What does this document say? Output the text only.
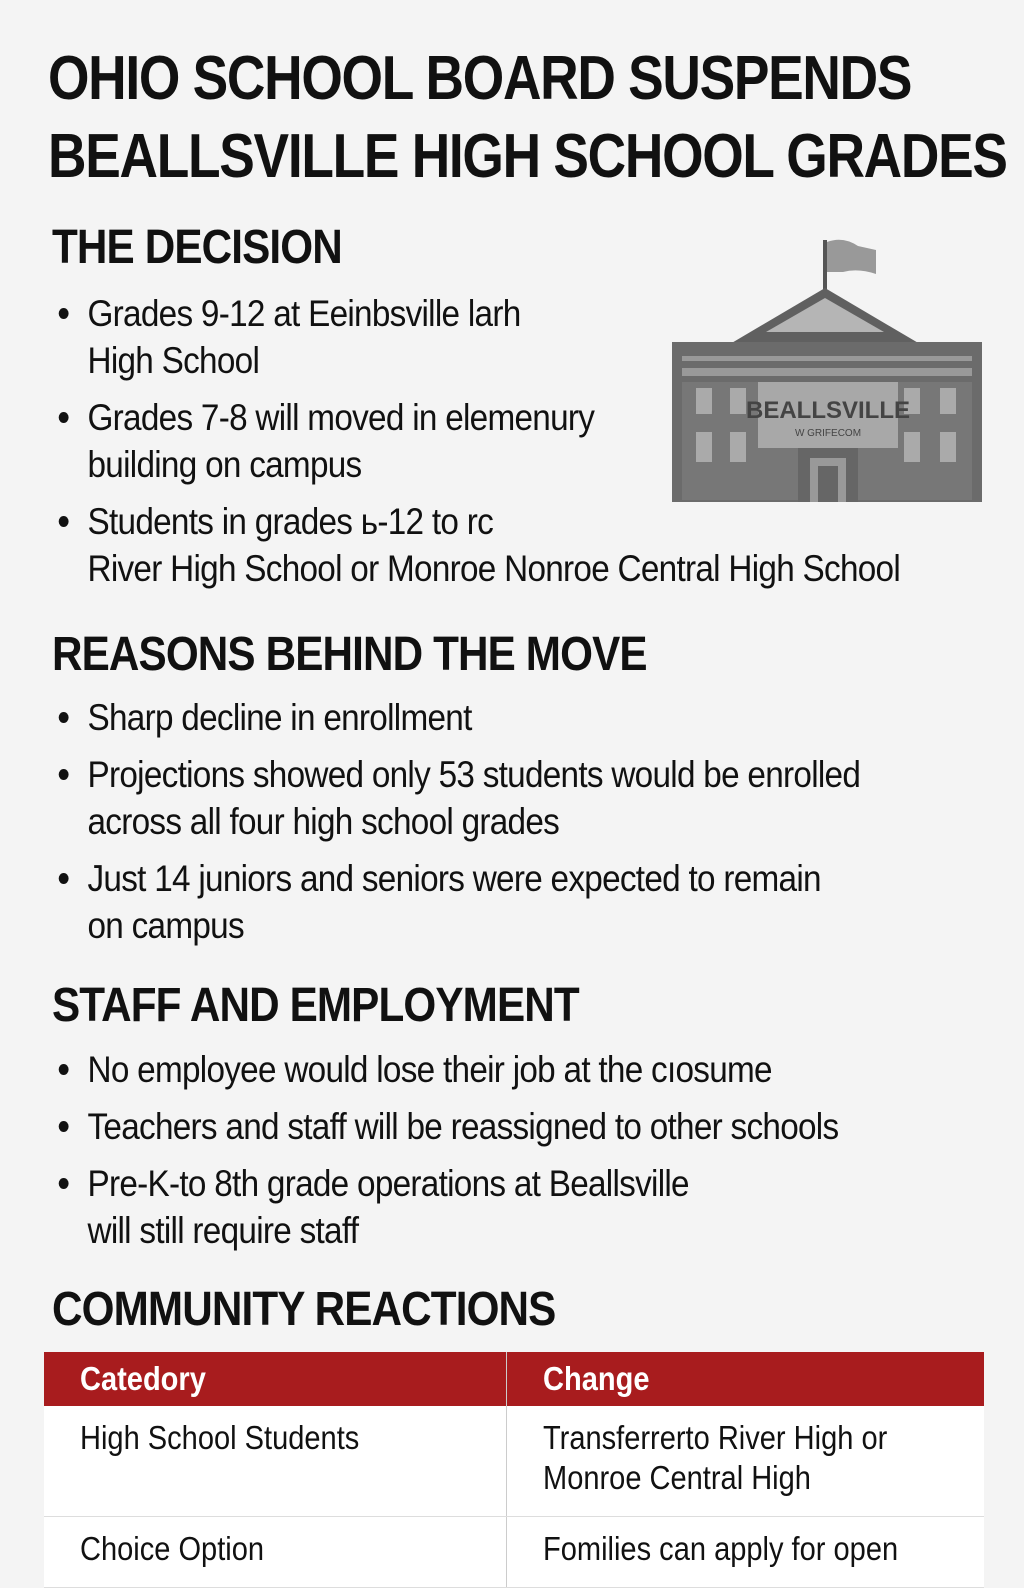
OHIO SCHOOL BOARD SUSPENDS
BEALLSVILLE HIGH SCHOOL GRADES
THE DECISION
Grades 9-12 at Eeinbsville larh
High School
Grades 7-8 will moved in elemenury
building on campus
Students in grades ь-12 to rc
River High School or Monroe Nonroe Central High School
BEALLSVILLE
W GRIFECOM
REASONS BEHIND THE MOVE
Sharp decline in enrollment
Projections showed only 53 students would be enrolled
across all four high school grades
Just 14 juniors and seniors were expected to remain
on campus
STAFF AND EMPLOYMENT
No employee would lose their job at the cıosume
Teachers and staff will be reassigned to other schools
Pre-K-to 8th grade operations at Beallsville
will still require staff
COMMUNITY REACTIONS
Catedory	Change
High School Students	Transferrerto River High or
Monroe Central High
Choice Option	Fomilies can apply for open
